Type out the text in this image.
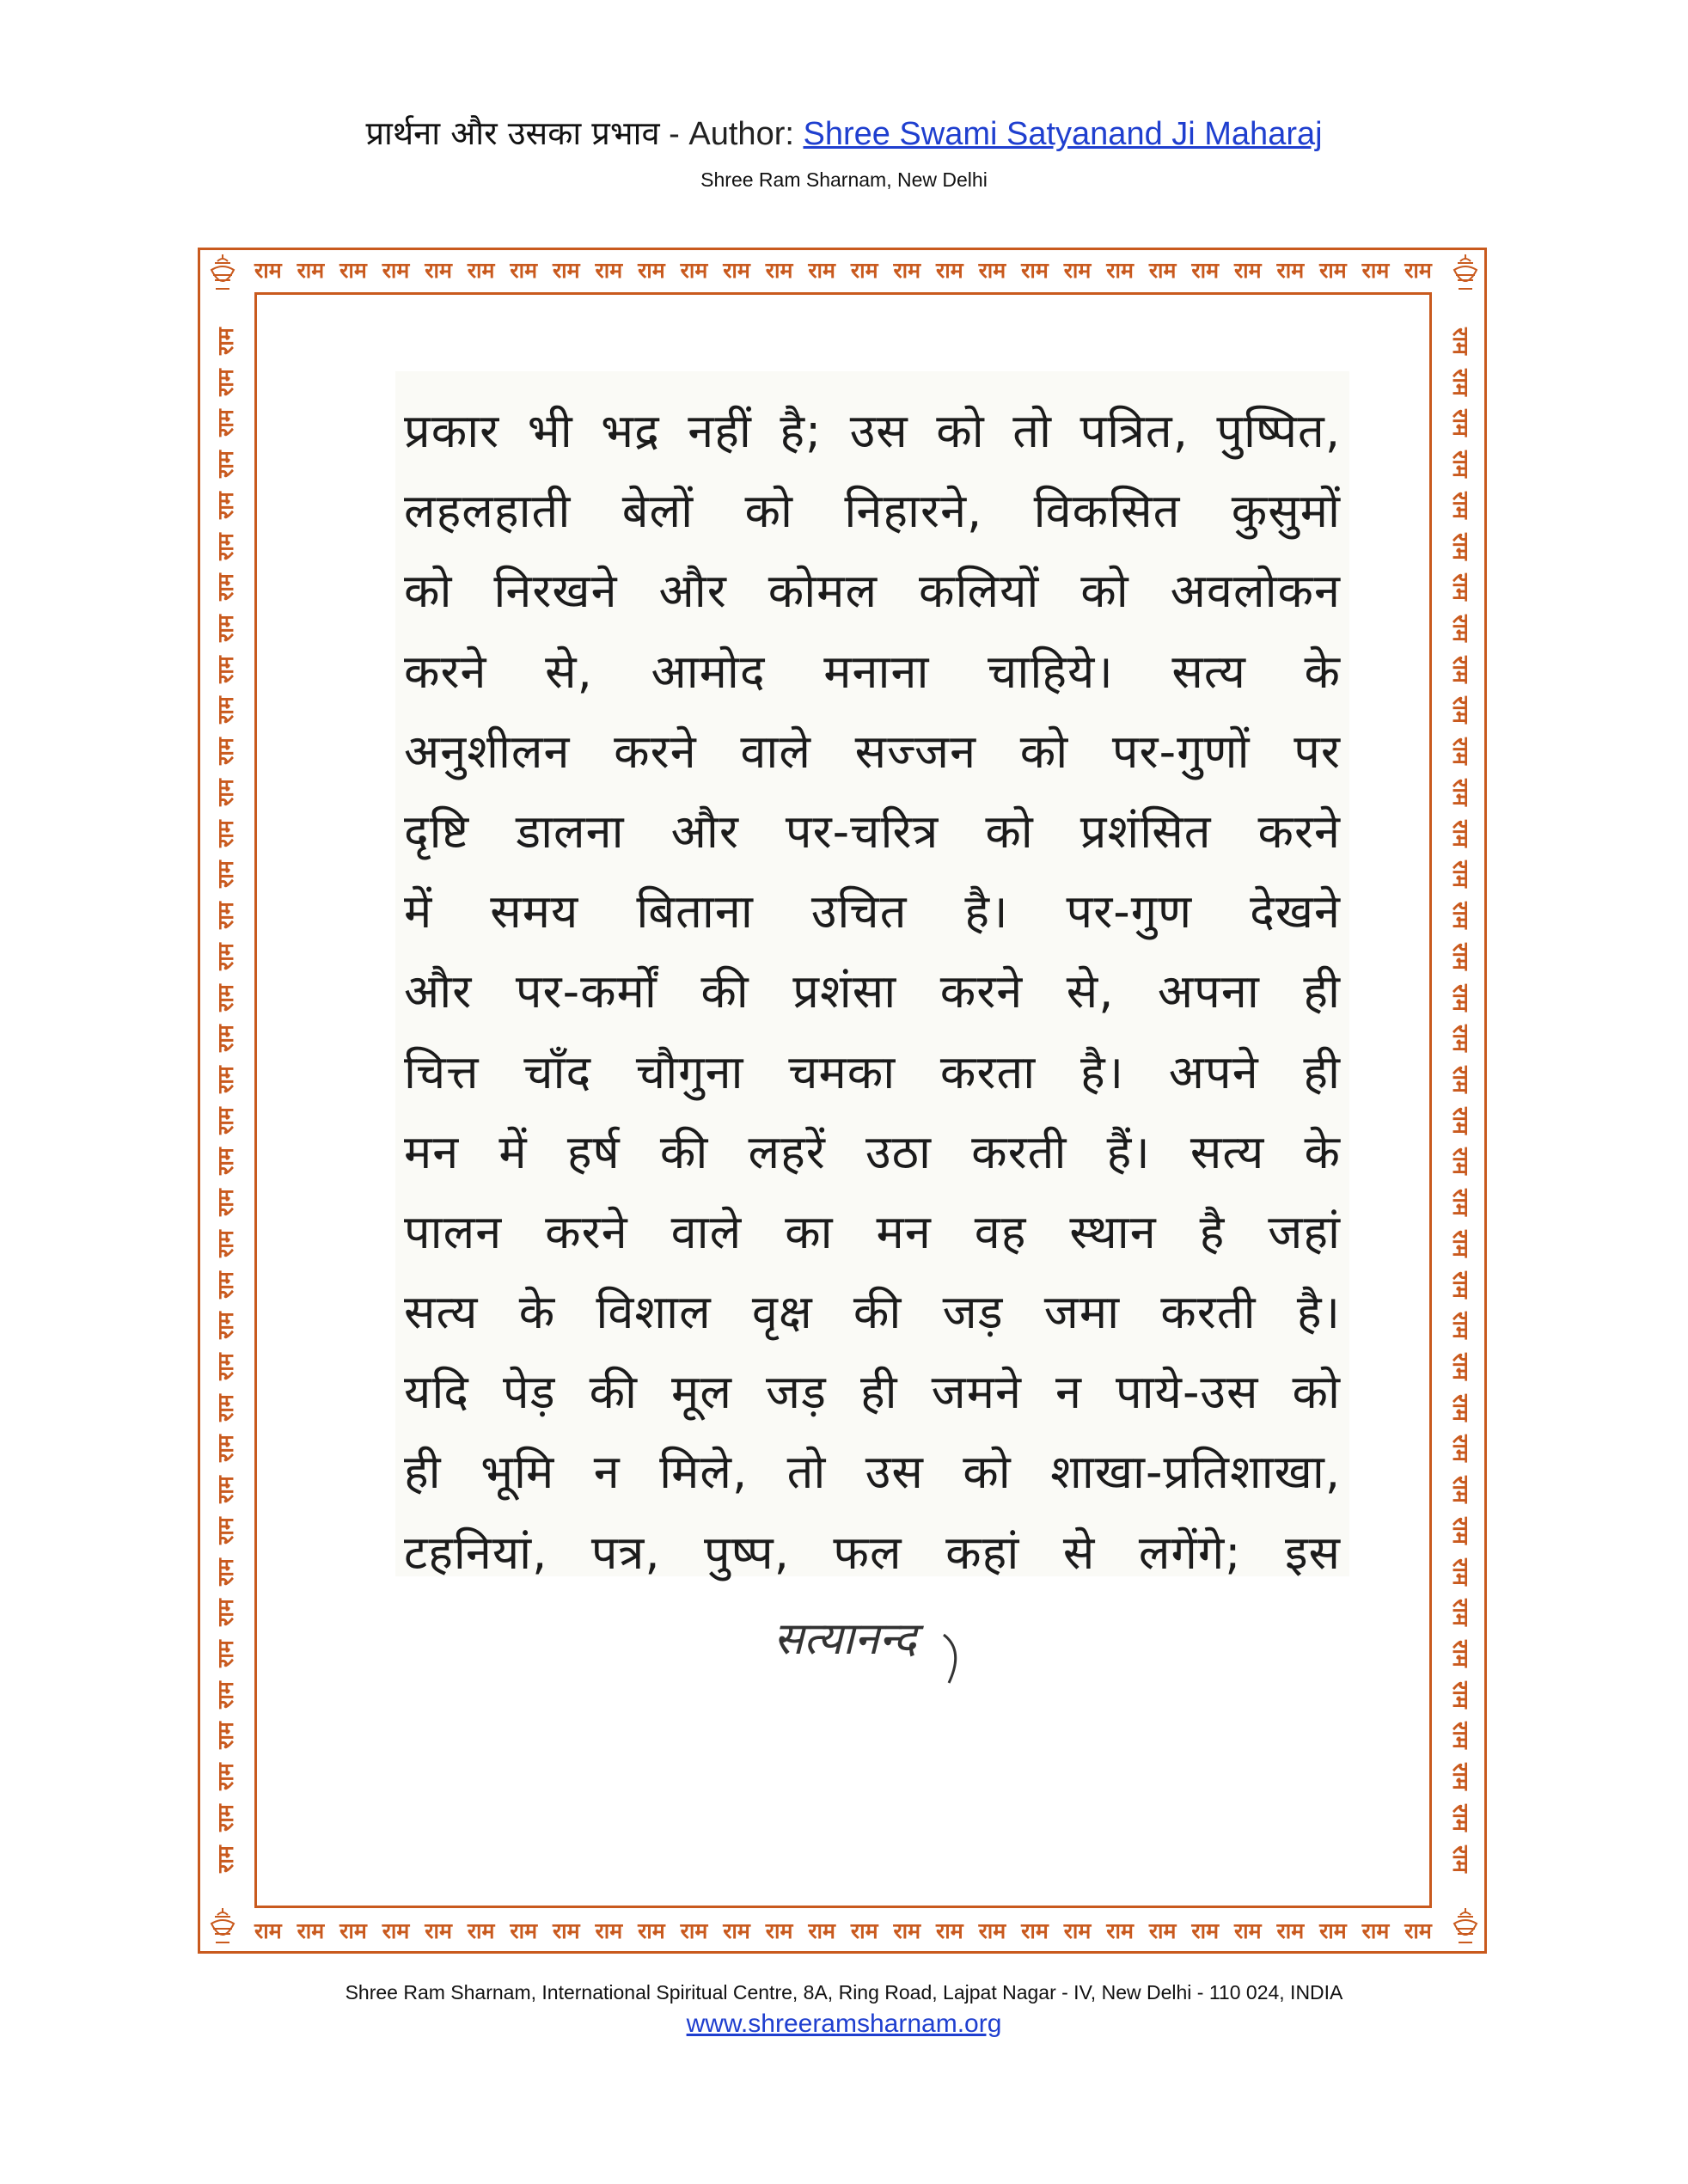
प्रार्थना और उसका प्रभाव - Author: Shree Swami Satyanand Ji Maharaj
Shree Ram Sharnam, New Delhi
राम राम राम राम राम राम राम राम राम राम राम राम राम राम राम राम राम राम राम राम राम राम राम राम राम राम राम राम
राम राम राम राम राम राम राम राम राम राम राम राम राम राम राम राम राम राम राम राम राम राम राम राम राम राम राम राम
राम
राम
राम
राम
राम
राम
राम
राम
राम
राम
राम
राम
राम
राम
राम
राम
राम
राम
राम
राम
राम
राम
राम
राम
राम
राम
राम
राम
राम
राम
राम
राम
राम
राम
राम
राम
राम
राम
राम
राम
राम
राम
राम
राम
राम
राम
राम
राम
राम
राम
राम
राम
राम
राम
राम
राम
राम
राम
राम
राम
राम
राम
राम
राम
राम
राम
राम
राम
राम
राम
राम
राम
राम
राम
राम
राम
प्रकार भी भद्र नहीं है; उस को तो पत्रित, पुष्पित,
लहलहाती बेलों को निहारने, विकसित कुसुमों
को निरखने और कोमल कलियों को अवलोकन
करने से, आमोद मनाना चाहिये। सत्य के
अनुशीलन करने वाले सज्जन को पर-गुणों पर
दृष्टि डालना और पर-चरित्र को प्रशंसित करने
में समय बिताना उचित है। पर-गुण देखने
और पर-कर्मों की प्रशंसा करने से, अपना ही
चित्त चाँद चौगुना चमका करता है। अपने ही
मन में हर्ष की लहरें उठा करती हैं। सत्य के
पालन करने वाले का मन वह स्थान है जहां
सत्य के विशाल वृक्ष की जड़ जमा करती है।
यदि पेड़ की मूल जड़ ही जमने न पाये-उस को
ही भूमि न मिले, तो उस को शाखा-प्रतिशाखा,
टहनियां, पत्र, पुष्प, फल कहां से लगेंगे; इस
सत्यानन्द
Shree Ram Sharnam, International Spiritual Centre, 8A, Ring Road, Lajpat Nagar - IV, New Delhi - 110 024, INDIA
www.shreeramsharnam.org
